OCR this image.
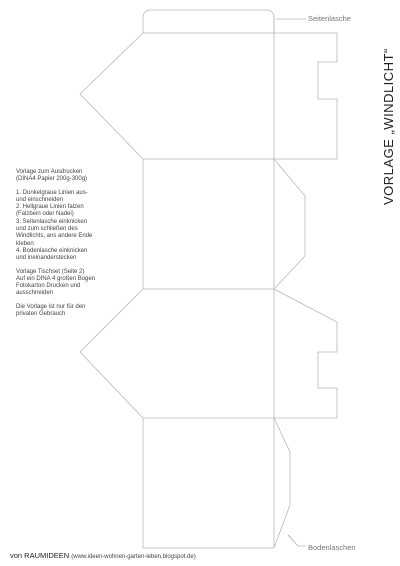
Seitenlasche
Bodenlaschen
VORLAGE „WINDLICHT“

Vorlage zum Ausdrucken
(DINA4 Papier 200g-300g)

1. Dunkelgraue Linien aus-
und einschneiden
2. Hellgraue Linien falzen
(Falzbein oder Nadel)
3. Seitenlasche einknicken
und zum schließen des
Windlichts, ans andere Ende
kleben
4. Bodenlasche einknicken
und ineinanderstecken

Vorlage Tischset (Seite 2)
Auf ein DINA 4 großen Bogen
Fotokarton Drucken und
ausschneiden

Die Vorlage ist nur für den
privaten Gebrauch

von RAUMIDEEN (www.ideen-wohnen-garten-leben.blogspot.de)
